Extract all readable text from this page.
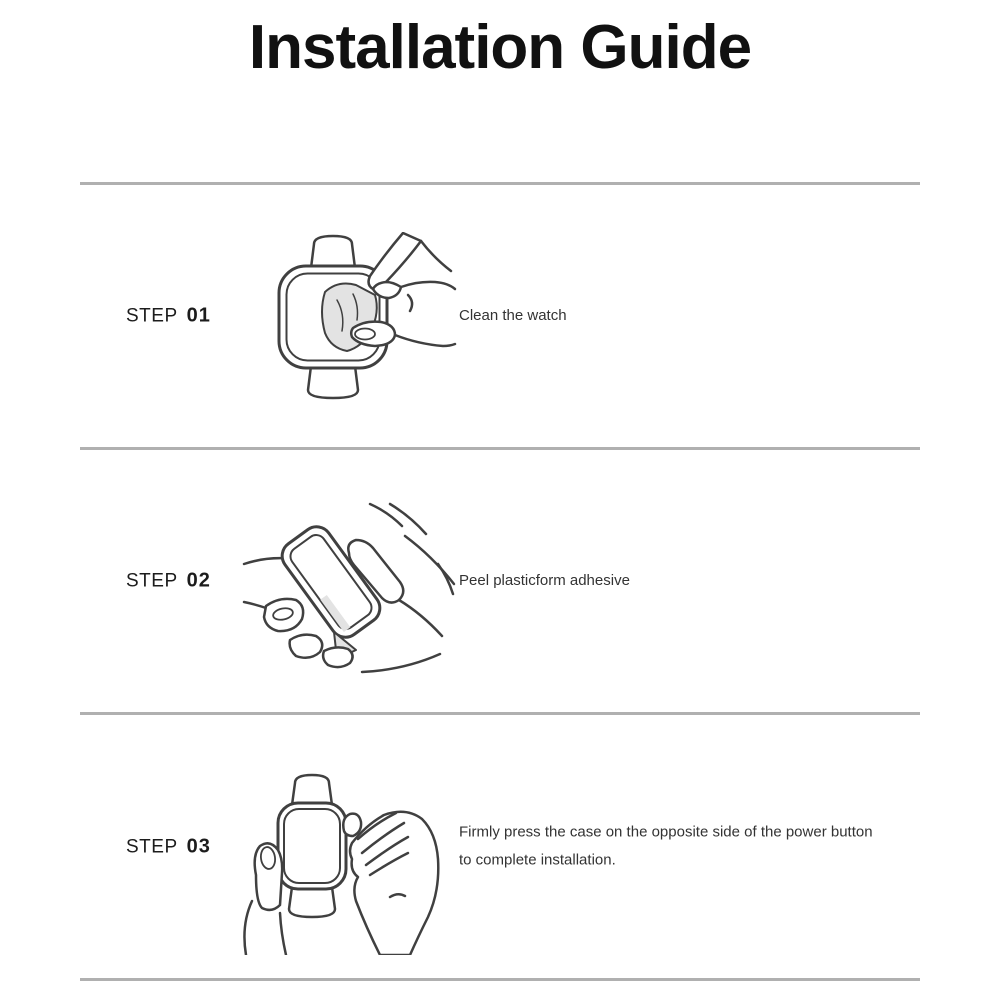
Installation Guide
STEP 01	Clean the watch

STEP 02	Peel plasticform adhesive

STEP 03

Firmly press the case on the opposite side of the power button to complete installation.
